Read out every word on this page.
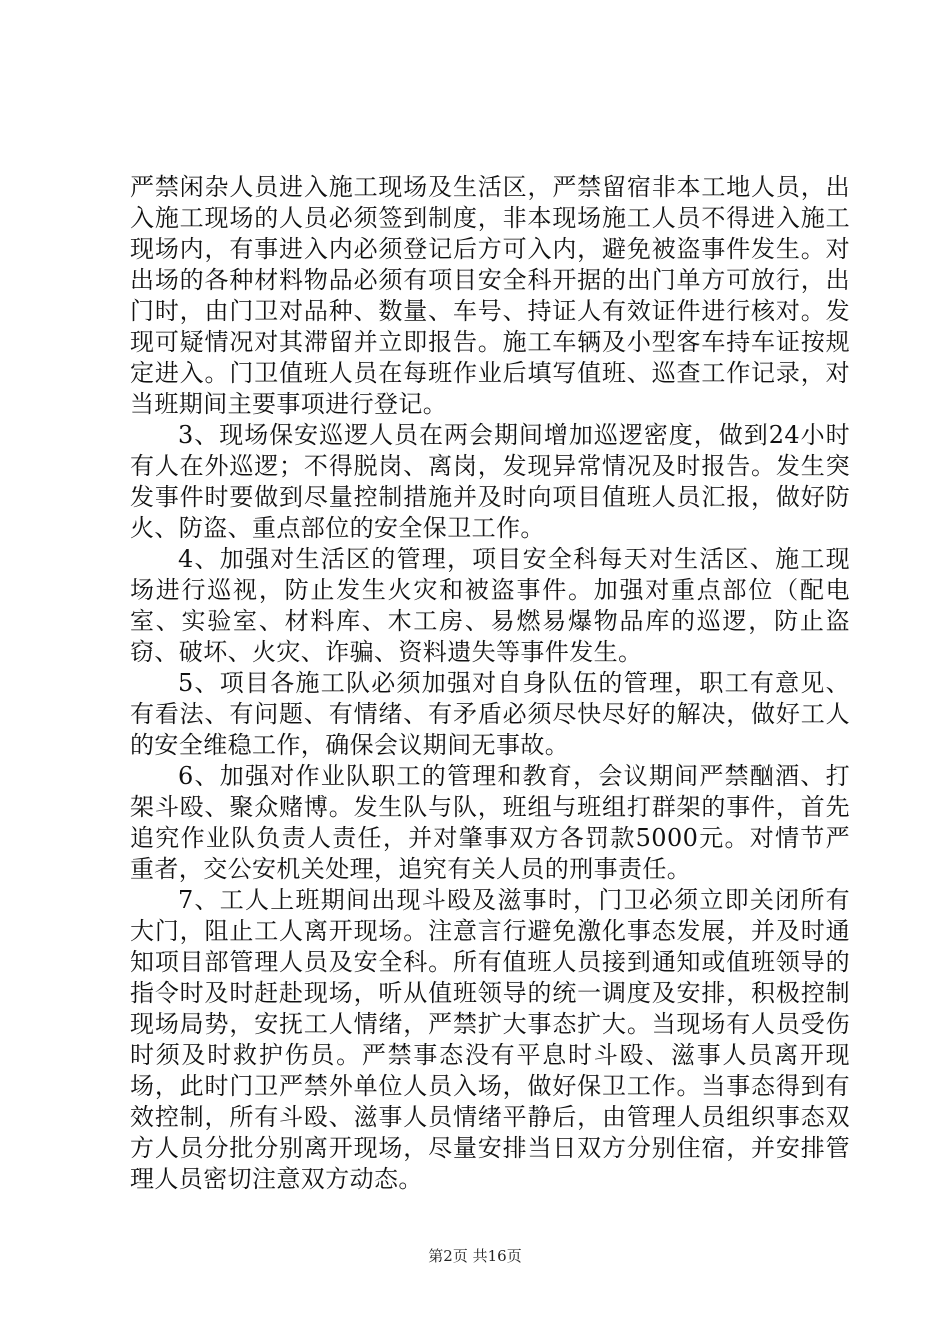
严禁闲杂人员进入施工现场及生活区，严禁留宿非本工地人员，出入施工现场的人员必须签到制度，非本现场施工人员不得进入施工现场内，有事进入内必须登记后方可入内，避免被盗事件发生。对出场的各种材料物品必须有项目安全科开据的出门单方可放行，出门时，由门卫对品种、数量、车号、持证人有效证件进行核对。发现可疑情况对其滞留并立即报告。施工车辆及小型客车持车证按规定进入。门卫值班人员在每班作业后填写值班、巡查工作记录，对当班期间主要事项进行登记。

3、现场保安巡逻人员在两会期间增加巡逻密度，做到24小时有人在外巡逻；不得脱岗、离岗，发现异常情况及时报告。发生突发事件时要做到尽量控制措施并及时向项目值班人员汇报，做好防火、防盗、重点部位的安全保卫工作。

4、加强对生活区的管理，项目安全科每天对生活区、施工现场进行巡视，防止发生火灾和被盗事件。加强对重点部位（配电室、实验室、材料库、木工房、易燃易爆物品库的巡逻，防止盗窃、破坏、火灾、诈骗、资料遗失等事件发生。

5、项目各施工队必须加强对自身队伍的管理，职工有意见、有看法、有问题、有情绪、有矛盾必须尽快尽好的解决，做好工人的安全维稳工作，确保会议期间无事故。

6、加强对作业队职工的管理和教育，会议期间严禁酗酒、打架斗殴、聚众赌博。发生队与队，班组与班组打群架的事件，首先追究作业队负责人责任，并对肇事双方各罚款5000元。对情节严重者，交公安机关处理，追究有关人员的刑事责任。

7、工人上班期间出现斗殴及滋事时，门卫必须立即关闭所有大门，阻止工人离开现场。注意言行避免激化事态发展，并及时通知项目部管理人员及安全科。所有值班人员接到通知或值班领导的指令时及时赶赴现场，听从值班领导的统一调度及安排，积极控制现场局势，安抚工人情绪，严禁扩大事态扩大。当现场有人员受伤时须及时救护伤员。严禁事态没有平息时斗殴、滋事人员离开现场，此时门卫严禁外单位人员入场，做好保卫工作。当事态得到有效控制，所有斗殴、滋事人员情绪平静后，由管理人员组织事态双方人员分批分别离开现场，尽量安排当日双方分别住宿，并安排管理人员密切注意双方动态。

第2页 共16页
